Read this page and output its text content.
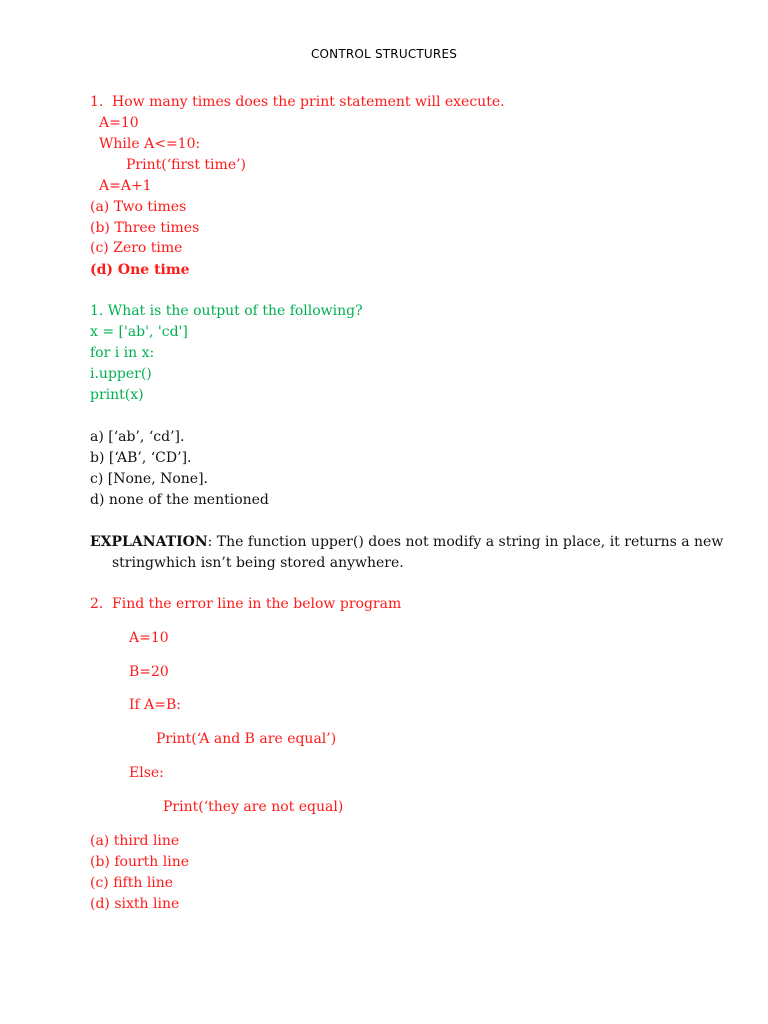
CONTROL STRUCTURES
1. How many times does the print statement will execute.
A=10
While A<=10:
Print(‘first time’)
A=A+1
(a) Two times
(b) Three times
(c) Zero time
(d) One time
1. What is the output of the following?
x = ['ab', 'cd']
for i in x:
i.upper()
print(x)
a) [‘ab’, ‘cd’].
b) [‘AB’, ‘CD’].
c) [None, None].
d) none of the mentioned
EXPLANATION: The function upper() does not modify a string in place, it returns a new
stringwhich isn’t being stored anywhere.
2. Find the error line in the below program
A=10
B=20
If A=B:
Print(‘A and B are equal’)
Else:
Print(‘they are not equal)
(a) third line
(b) fourth line
(c) fifth line
(d) sixth line
